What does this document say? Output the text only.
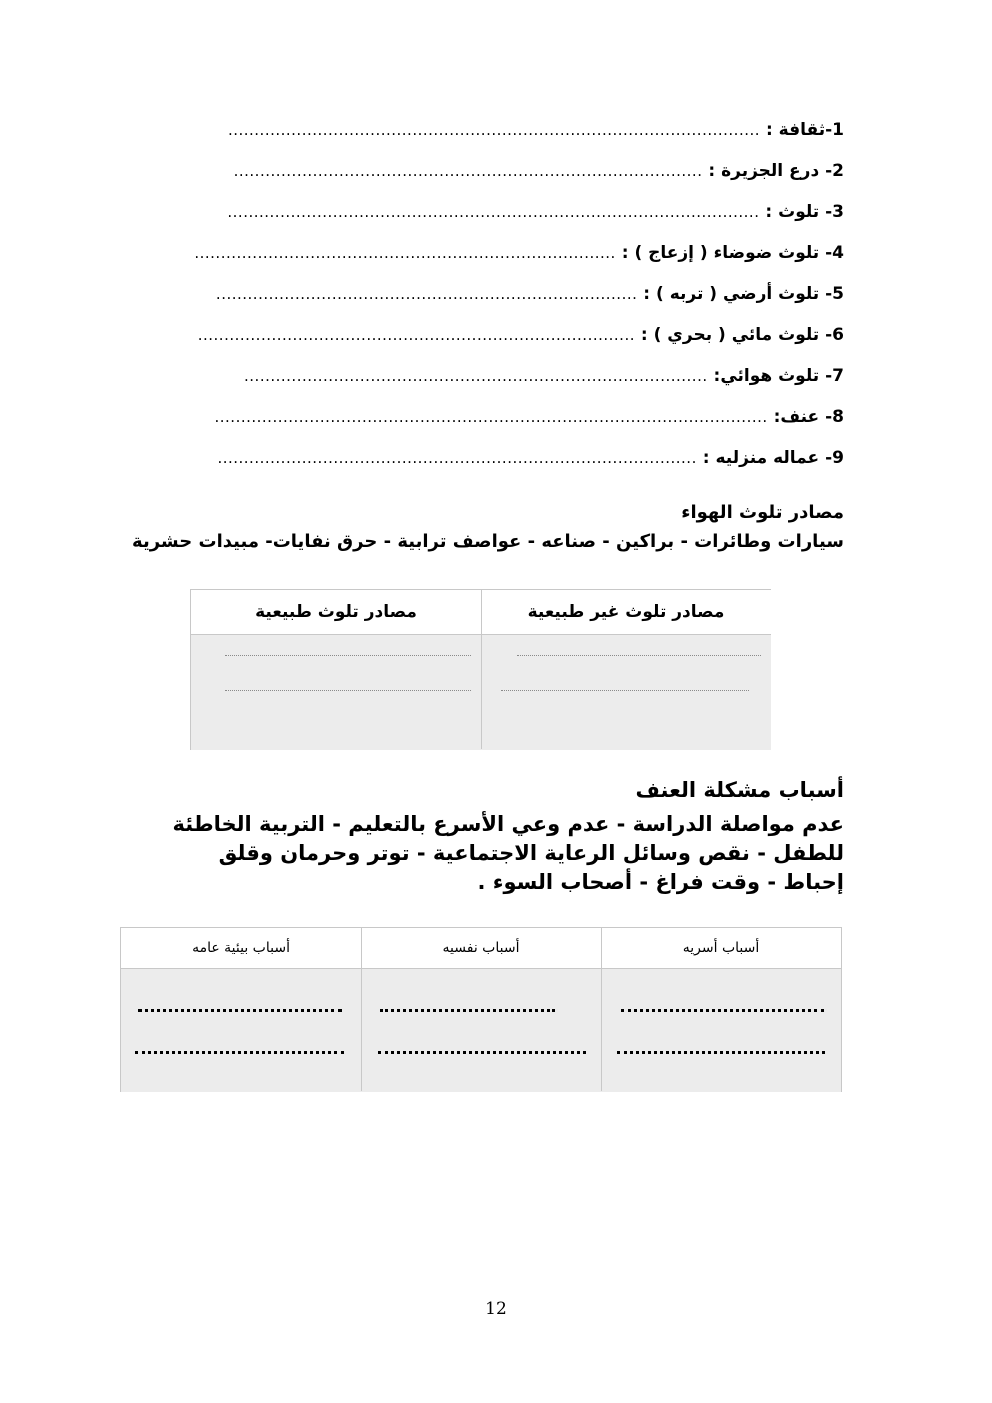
1
-ثقافة :

.....................................................................................................
2
- درع الجزيرة :

.........................................................................................
3
- تلوث :

.....................................................................................................
4
- تلوث ضوضاء ( إزعاج ) :

................................................................................
5
- تلوث أرضي ( تربه ) :

................................................................................
6
- تلوث مائي ( بحري ) :

...................................................................................
7
- تلوث هوائي:

........................................................................................
8
- عنف:

.........................................................................................................
9
- عماله منزليه :

...........................................................................................
مصادر تلوث الهواء
سيارات وطائرات - براكين - صناعه - عواصف ترابية - حرق نفايات- مبيدات حشرية
مصادر تلوث غير طبيعية
مصادر تلوث طبيعية
أسباب مشكلة العنف
عدم مواصلة الدراسة - عدم وعي الأسرع بالتعليم - التربية الخاطئة للطفل - نقص وسائل الرعاية الاجتماعية - توتر وحرمان وقلق إحباط - وقت فراغ - أصحاب السوء .
أسباب أسريه
أسباب نفسيه
أسباب بيئية عامه
12
